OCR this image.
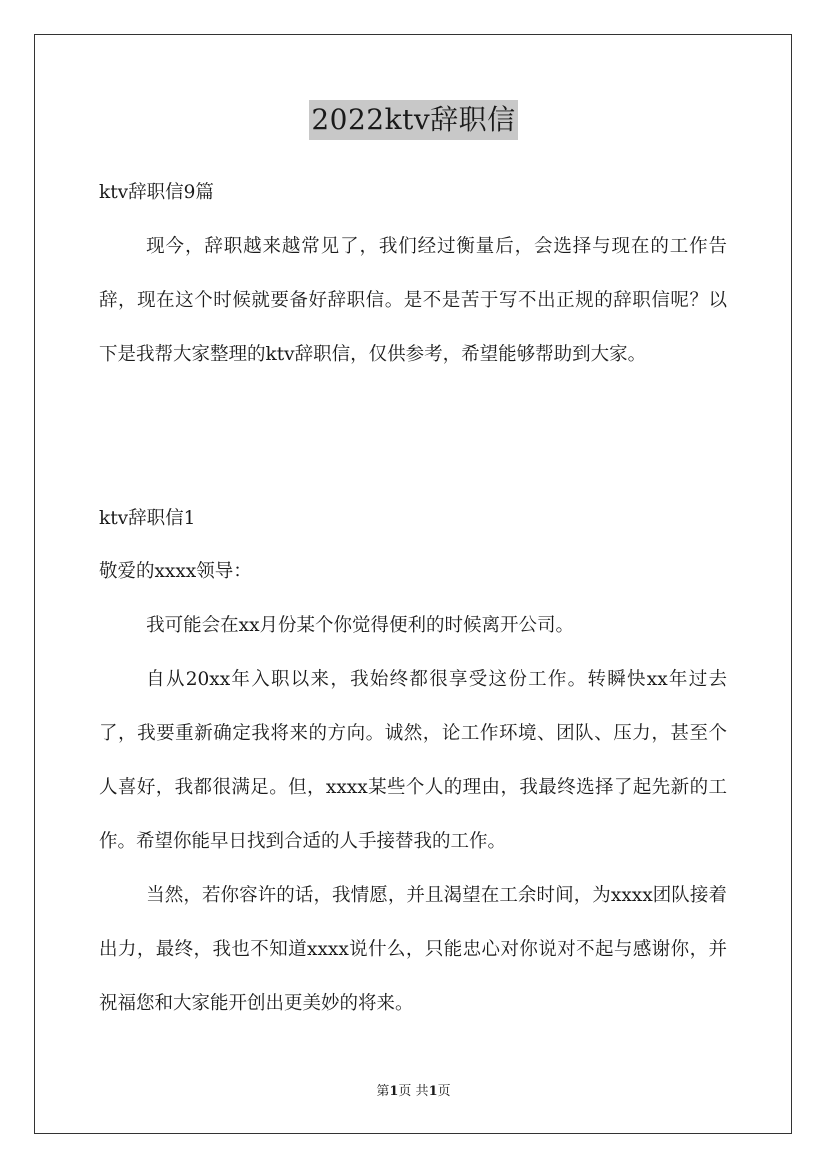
2022ktv辞职信
ktv辞职信9篇

现今，辞职越来越常见了，我们经过衡量后，会选择与现在的工作告辞，现在这个时候就要备好辞职信。是不是苦于写不出正规的辞职信呢？以下是我帮大家整理的ktv辞职信，仅供参考，希望能够帮助到大家。

ktv辞职信1
敬爱的xxxx领导：

我可能会在xx月份某个你觉得便利的时候离开公司。

自从20xx年入职以来，我始终都很享受这份工作。转瞬快xx年过去了，我要重新确定我将来的方向。诚然，论工作环境、团队、压力，甚至个人喜好，我都很满足。但，xxxx某些个人的理由，我最终选择了起先新的工作。希望你能早日找到合适的人手接替我的工作。

当然，若你容许的话，我情愿，并且渴望在工余时间，为xxxx团队接着出力，最终，我也不知道xxxx说什么，只能忠心对你说对不起与感谢你，并祝福您和大家能开创出更美妙的将来。

第1页 共1页
